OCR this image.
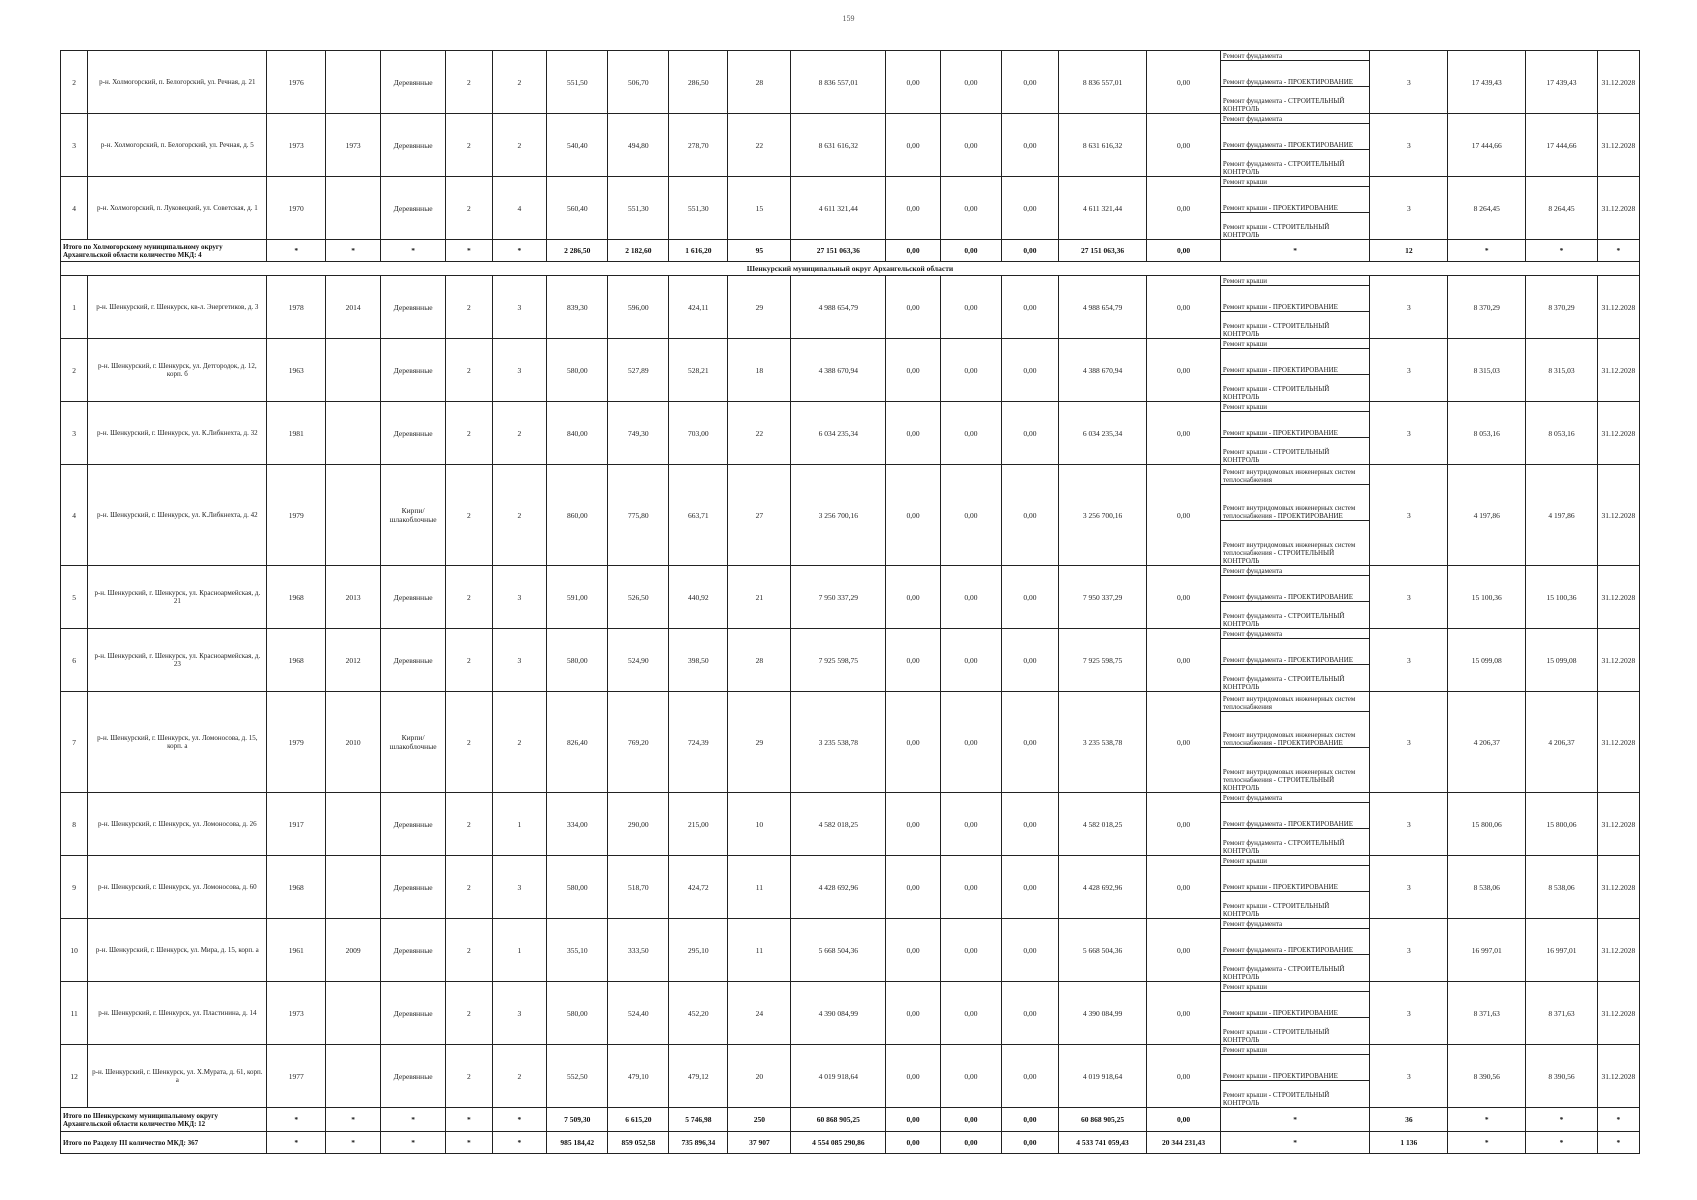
159
2	р-н. Холмогорский, п. Белогорский, ул. Речная, д. 21	1976		Деревянные	2	2	551,50	506,70	286,50	28	8 836 557,01	0,00	0,00	0,00	8 836 557,01	0,00	Ремонт фундамента
Ремонт фундамента - ПРОЕКТИРОВАНИЕ
Ремонт фундамента - СТРОИТЕЛЬНЫЙ КОНТРОЛЬ	3	17 439,43	17 439,43	31.12.2028
3	р-н. Холмогорский, п. Белогорский, ул. Речная, д. 5	1973	1973	Деревянные	2	2	540,40	494,80	278,70	22	8 631 616,32	0,00	0,00	0,00	8 631 616,32	0,00	Ремонт фундамента
Ремонт фундамента - ПРОЕКТИРОВАНИЕ
Ремонт фундамента - СТРОИТЕЛЬНЫЙ КОНТРОЛЬ	3	17 444,66	17 444,66	31.12.2028
4	р-н. Холмогорский, п. Луковецкий, ул. Советская, д. 1	1970		Деревянные	2	4	560,40	551,30	551,30	15	4 611 321,44	0,00	0,00	0,00	4 611 321,44	0,00	Ремонт крыши
Ремонт крыши - ПРОЕКТИРОВАНИЕ
Ремонт крыши - СТРОИТЕЛЬНЫЙ КОНТРОЛЬ	3	8 264,45	8 264,45	31.12.2028
Итого по Холмогорскому муниципальному округу Архангельской области количество МКД: 4		*	*	*	*	*	2 286,50	2 182,60	1 616,20	95	27 151 063,36	0,00	0,00	0,00	27 151 063,36	0,00	*	12	*	*	*
Шенкурский муниципальный округ Архангельской области																					
1	р-н. Шенкурский, г. Шенкурск, кв-л. Энергетиков, д. 3	1978	2014	Деревянные	2	3	839,30	596,00	424,11	29	4 988 654,79	0,00	0,00	0,00	4 988 654,79	0,00	Ремонт крыши
Ремонт крыши - ПРОЕКТИРОВАНИЕ
Ремонт крыши - СТРОИТЕЛЬНЫЙ КОНТРОЛЬ	3	8 370,29	8 370,29	31.12.2028
2	р-н. Шенкурский, г. Шенкурск, ул. Детгородок, д. 12, корп. б	1963		Деревянные	2	3	580,00	527,89	528,21	18	4 388 670,94	0,00	0,00	0,00	4 388 670,94	0,00	Ремонт крыши
Ремонт крыши - ПРОЕКТИРОВАНИЕ
Ремонт крыши - СТРОИТЕЛЬНЫЙ КОНТРОЛЬ	3	8 315,03	8 315,03	31.12.2028
3	р-н. Шенкурский, г. Шенкурск, ул. К.Либкнехта, д. 32	1981		Деревянные	2	2	840,00	749,30	703,00	22	6 034 235,34	0,00	0,00	0,00	6 034 235,34	0,00	Ремонт крыши
Ремонт крыши - ПРОЕКТИРОВАНИЕ
Ремонт крыши - СТРОИТЕЛЬНЫЙ КОНТРОЛЬ	3	8 053,16	8 053,16	31.12.2028
4	р-н. Шенкурский, г. Шенкурск, ул. К.Либкнехта, д. 42	1979		Кирпи/шлакоблочные	2	2	860,00	775,80	663,71	27	3 256 700,16	0,00	0,00	0,00	3 256 700,16	0,00	Ремонт внутридомовых инженерных систем теплоснабжения
Ремонт внутридомовых инженерных систем теплоснабжения - ПРОЕКТИРОВАНИЕ
Ремонт внутридомовых инженерных систем теплоснабжения - СТРОИТЕЛЬНЫЙ КОНТРОЛЬ	3	4 197,86	4 197,86	31.12.2028
5	р-н. Шенкурский, г. Шенкурск, ул. Красноармейская, д. 21	1968	2013	Деревянные	2	3	591,00	526,50	440,92	21	7 950 337,29	0,00	0,00	0,00	7 950 337,29	0,00	Ремонт фундамента
Ремонт фундамента - ПРОЕКТИРОВАНИЕ
Ремонт фундамента - СТРОИТЕЛЬНЫЙ КОНТРОЛЬ	3	15 100,36	15 100,36	31.12.2028
6	р-н. Шенкурский, г. Шенкурск, ул. Красноармейская, д. 23	1968	2012	Деревянные	2	3	580,00	524,90	398,50	28	7 925 598,75	0,00	0,00	0,00	7 925 598,75	0,00	Ремонт фундамента
Ремонт фундамента - ПРОЕКТИРОВАНИЕ
Ремонт фундамента - СТРОИТЕЛЬНЫЙ КОНТРОЛЬ	3	15 099,08	15 099,08	31.12.2028
7	р-н. Шенкурский, г. Шенкурск, ул. Ломоносова, д. 15, корп. а	1979	2010	Кирпи/шлакоблочные	2	2	826,40	769,20	724,39	29	3 235 538,78	0,00	0,00	0,00	3 235 538,78	0,00	Ремонт внутридомовых инженерных систем теплоснабжения
Ремонт внутридомовых инженерных систем теплоснабжения - ПРОЕКТИРОВАНИЕ
Ремонт внутридомовых инженерных систем теплоснабжения - СТРОИТЕЛЬНЫЙ КОНТРОЛЬ	3	4 206,37	4 206,37	31.12.2028
8	р-н. Шенкурский, г. Шенкурск, ул. Ломоносова, д. 26	1917		Деревянные	2	1	334,00	290,00	215,00	10	4 582 018,25	0,00	0,00	0,00	4 582 018,25	0,00	Ремонт фундамента
Ремонт фундамента - ПРОЕКТИРОВАНИЕ
Ремонт фундамента - СТРОИТЕЛЬНЫЙ КОНТРОЛЬ	3	15 800,06	15 800,06	31.12.2028
9	р-н. Шенкурский, г. Шенкурск, ул. Ломоносова, д. 60	1968		Деревянные	2	3	580,00	518,70	424,72	11	4 428 692,96	0,00	0,00	0,00	4 428 692,96	0,00	Ремонт крыши
Ремонт крыши - ПРОЕКТИРОВАНИЕ
Ремонт крыши - СТРОИТЕЛЬНЫЙ КОНТРОЛЬ	3	8 538,06	8 538,06	31.12.2028
10	р-н. Шенкурский, г. Шенкурск, ул. Мира, д. 15, корп. а	1961	2009	Деревянные	2	1	355,10	333,50	295,10	11	5 668 504,36	0,00	0,00	0,00	5 668 504,36	0,00	Ремонт фундамента
Ремонт фундамента - ПРОЕКТИРОВАНИЕ
Ремонт фундамента - СТРОИТЕЛЬНЫЙ КОНТРОЛЬ	3	16 997,01	16 997,01	31.12.2028
11	р-н. Шенкурский, г. Шенкурск, ул. Пластинина, д. 14	1973		Деревянные	2	3	580,00	524,40	452,20	24	4 390 084,99	0,00	0,00	0,00	4 390 084,99	0,00	Ремонт крыши
Ремонт крыши - ПРОЕКТИРОВАНИЕ
Ремонт крыши - СТРОИТЕЛЬНЫЙ КОНТРОЛЬ	3	8 371,63	8 371,63	31.12.2028
12	р-н. Шенкурский, г. Шенкурск, ул. Х.Мурата, д. 61, корп. а	1977		Деревянные	2	2	552,50	479,10	479,12	20	4 019 918,64	0,00	0,00	0,00	4 019 918,64	0,00	Ремонт крыши
Ремонт крыши - ПРОЕКТИРОВАНИЕ
Ремонт крыши - СТРОИТЕЛЬНЫЙ КОНТРОЛЬ	3	8 390,56	8 390,56	31.12.2028
Итого по Шенкурскому муниципальному округу Архангельской области количество МКД: 12		*	*	*	*	*	7 509,30	6 615,20	5 746,98	250	60 868 905,25	0,00	0,00	0,00	60 868 905,25	0,00	*	36	*	*	*
Итого по Разделу III количество МКД: 367		*	*	*	*	*	985 184,42	859 052,58	735 896,34	37 907	4 554 085 290,86	0,00	0,00	0,00	4 533 741 059,43	20 344 231,43	*	1 136	*	*	*
